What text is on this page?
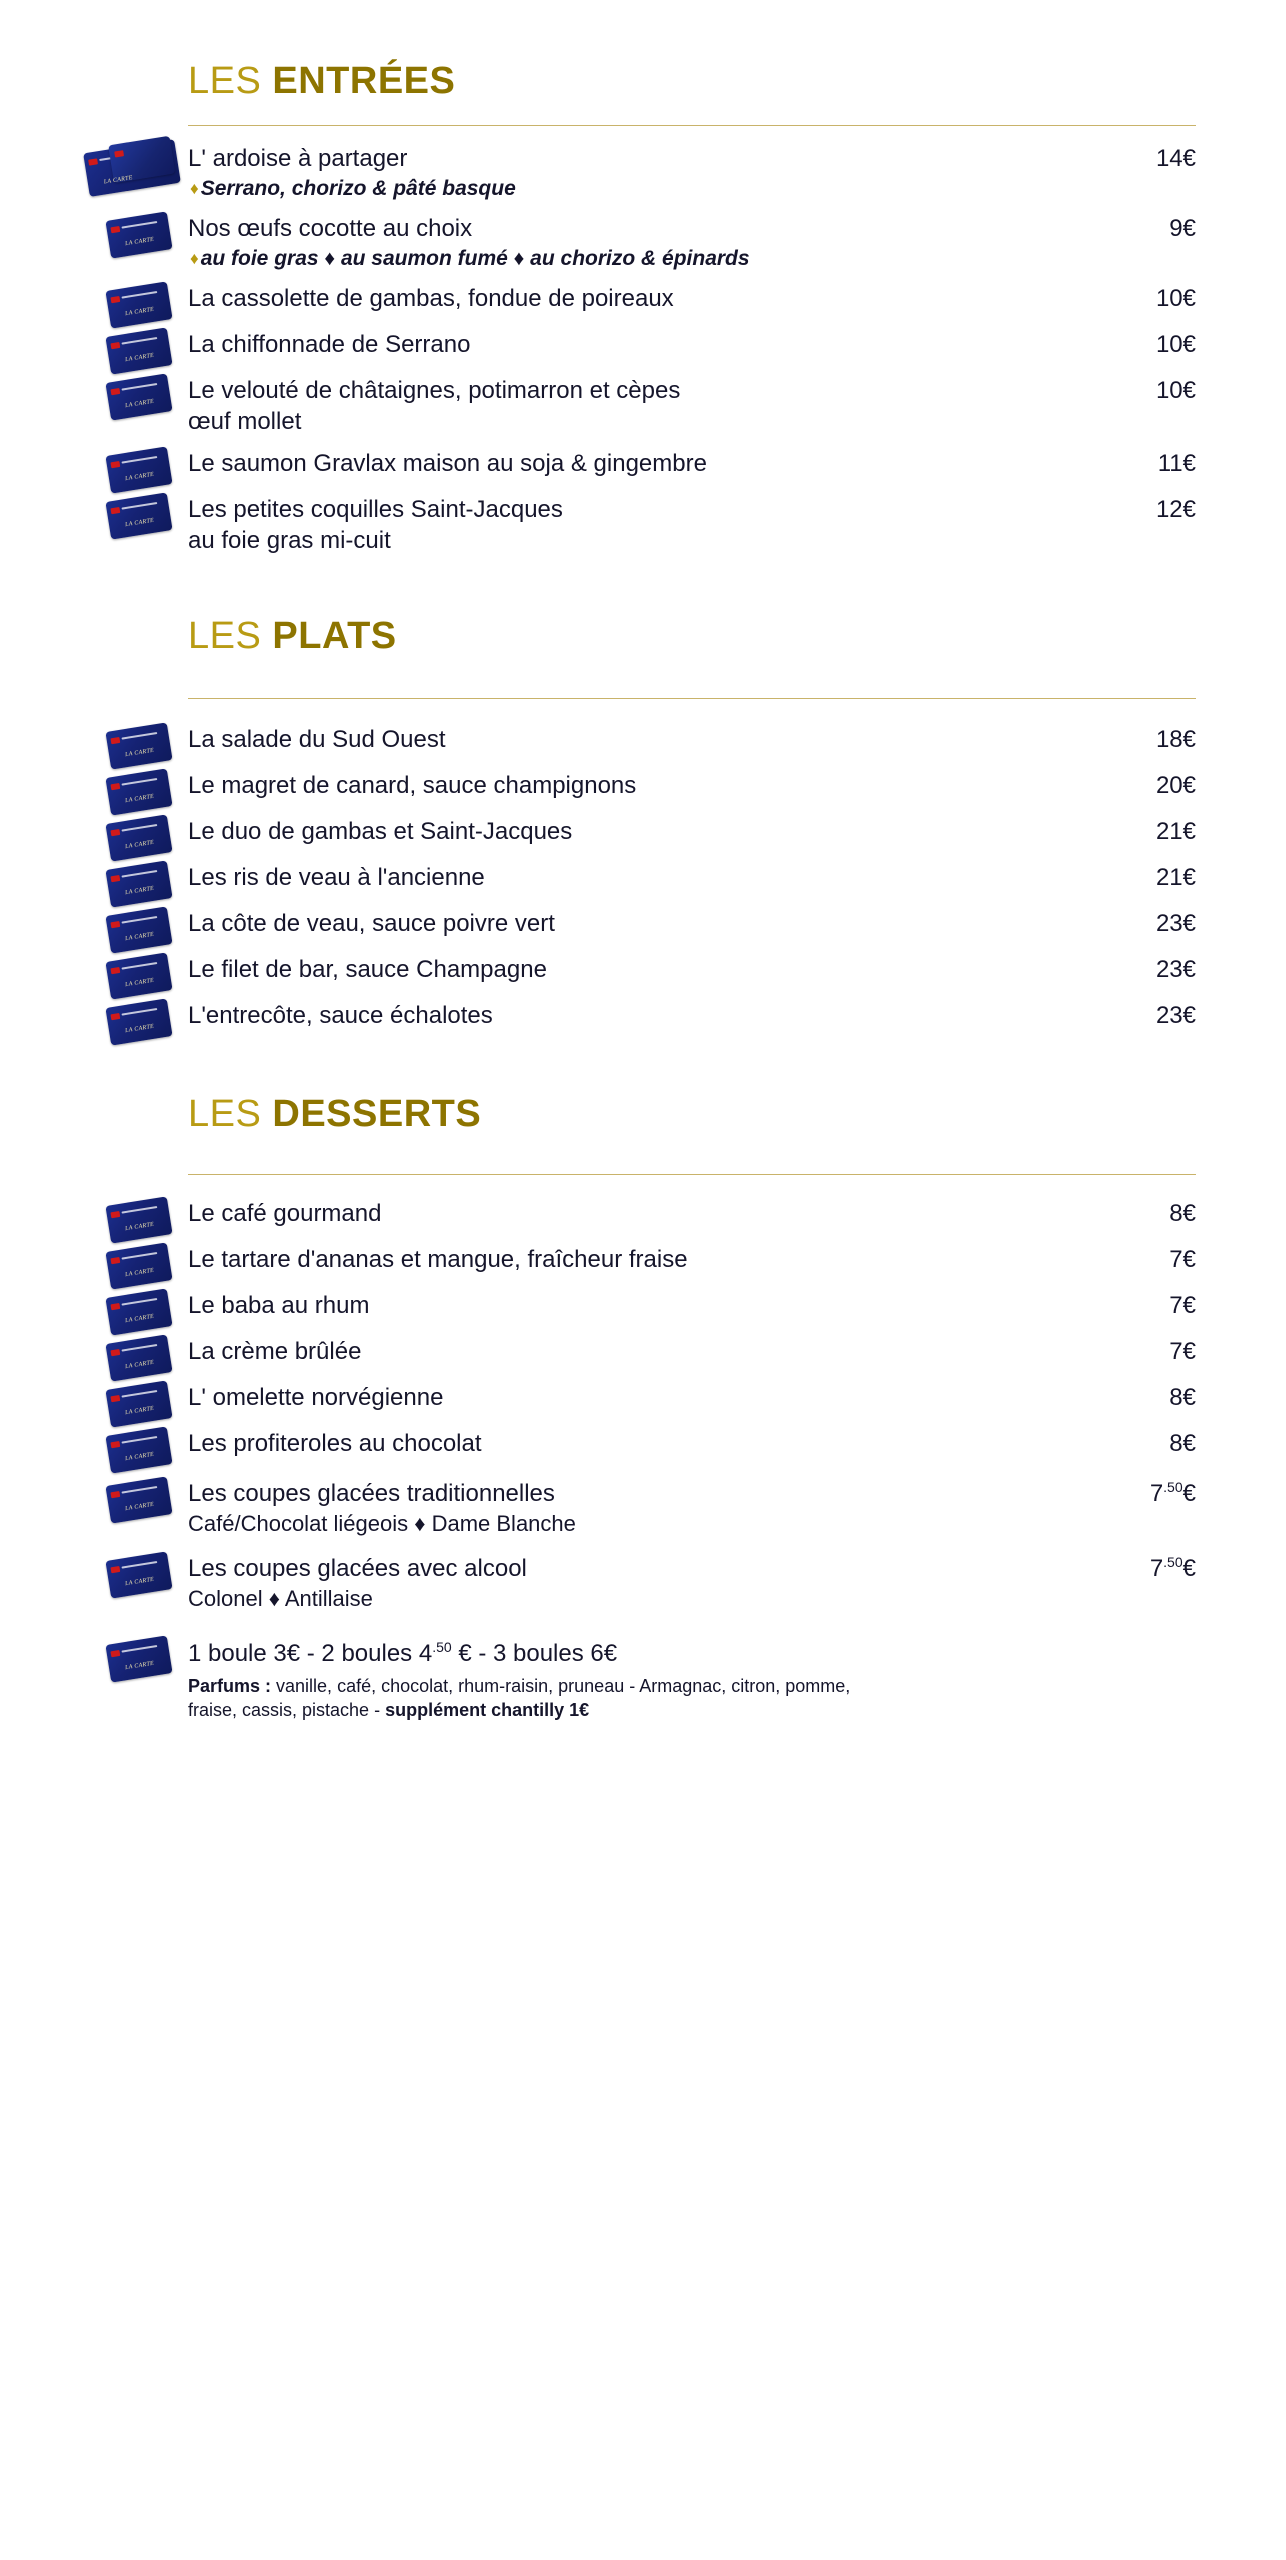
LES ENTRÉES
LA CARTE
L' ardoise à partager
♦Serrano, chorizo & pâté basque
14€
LA CARTE Nos œufs cocotte au choix
♦au foie gras ♦ au saumon fumé ♦ au chorizo & épinards
9€
LA CARTE La cassolette de gambas, fondue de poireaux	10€
LA CARTE La chiffonnade de Serrano	10€
LA CARTE Le velouté de châtaignes, potimarron et cèpes
œuf mollet
10€
LA CARTE Le saumon Gravlax maison au soja & gingembre	11€
LA CARTE Les petites coquilles Saint-Jacques
au foie gras mi-cuit
12€
LES PLATS
LA CARTE La salade du Sud Ouest	18€
LA CARTE Le magret de canard, sauce champignons	20€
LA CARTE Le duo de gambas et Saint-Jacques	21€
LA CARTE Les ris de veau à l'ancienne	21€
LA CARTE La côte de veau, sauce poivre vert	23€
LA CARTE Le filet de bar, sauce Champagne	23€
LA CARTE L'entrecôte, sauce échalotes	23€
LES DESSERTS
LA CARTE Le café gourmand	8€
LA CARTE Le tartare d'ananas et mangue, fraîcheur fraise	7€
LA CARTE Le baba au rhum	7€
LA CARTE La crème brûlée	7€
LA CARTE L' omelette norvégienne	8€
LA CARTE Les profiteroles au chocolat	8€
LA CARTE Les coupes glacées traditionnelles
Café/Chocolat liégeois ♦ Dame Blanche
$7^{.50}€$
LA CARTE Les coupes glacées avec alcool
Colonel ♦ Antillaise
$7^{.50}€$
LA CARTE 1 boule 3€ - 2 boules $4^{.50}$ € - 3 boules 6€
Parfums : vanille, café, chocolat, rhum-raisin, pruneau - Armagnac, citron, pomme,
fraise, cassis, pistache - supplément chantilly 1€
